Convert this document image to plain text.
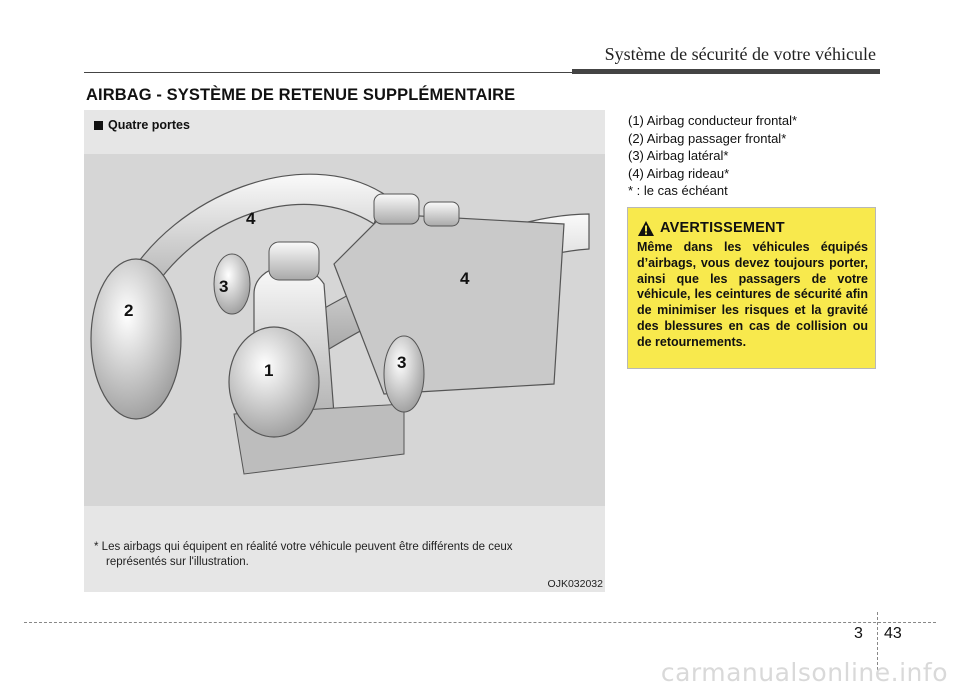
Système de sécurité de votre véhicule
AIRBAG - SYSTÈME DE RETENUE SUPPLÉMENTAIRE
Quatre portes
4
3
2
1	3
4
* Les airbags qui équipent en réalité votre véhicule peuvent être différents de ceux représentés sur l'illustration.
OJK032032
(1) Airbag conducteur frontal*
(2) Airbag passager frontal*
(3) Airbag latéral*
(4) Airbag rideau*
* : le cas échéant
AVERTISSEMENT
Même dans les véhicules équipés d’airbags, vous devez toujours porter, ainsi que les passagers de votre véhicule, les ceintures de sécurité afin de minimiser les risques et la gravité des blessures en cas de collision ou de retournements.
3 43
carmanualsonline.info
